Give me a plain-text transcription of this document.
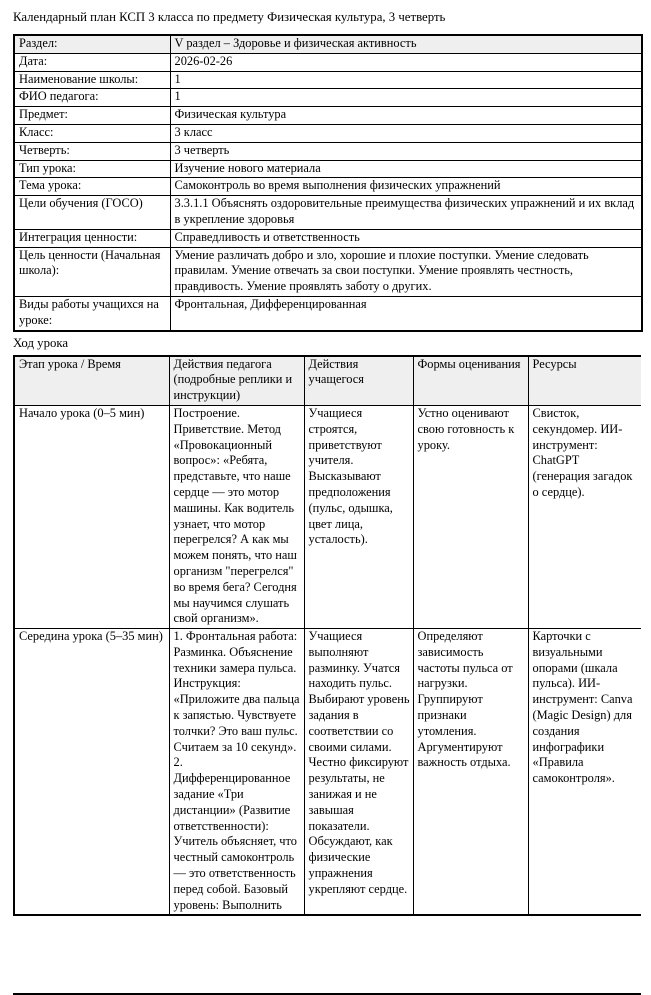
Календарный план КСП 3 класса по предмету Физическая культура, 3 четверть
Раздел:	V раздел – Здоровье и физическая активность
Дата:	2026-02-26
Наименование школы:	1
ФИО педагога:	1
Предмет:	Физическая культура
Класс:	3 класс
Четверть:	3 четверть
Тип урока:	Изучение нового материала
Тема урока:	Самоконтроль во время выполнения физических упражнений
Цели обучения (ГОСО)	3.3.1.1 Объяснять оздоровительные преимущества физических упражнений и их вклад в укрепление здоровья
Интеграция ценности:	Справедливость и ответственность
Цель ценности (Начальная школа):	Умение различать добро и зло, хорошие и плохие поступки. Умение следовать правилам. Умение отвечать за свои поступки. Умение проявлять честность, правдивость. Умение проявлять заботу о других.
Виды работы учащихся на уроке:	Фронтальная, Дифференцированная
Ход урока
Этап урока / Время	Действия педагога (подробные реплики и инструкции)	Действия учащегося	Формы оценивания	Ресурсы
Начало урока (0–5 мин)	Построение. Приветствие. Метод «Провокационный вопрос»: «Ребята, представьте, что наше сердце — это мотор машины. Как водитель узнает, что мотор перегрелся? А как мы можем понять, что наш организм "перегрелся" во время бега? Сегодня мы научимся слушать свой организм».	Учащиеся строятся, приветствуют учителя. Высказывают предположения (пульс, одышка, цвет лица, усталость).	Устно оценивают свою готовность к уроку.	Свисток, секундомер. ИИ-инструмент: ChatGPT (генерация загадок о сердце).
Середина урока (5–35 мин)	1. Фронтальная работа: Разминка. Объяснение техники замера пульса. Инструкция: «Приложите два пальца к запястью. Чувствуете толчки? Это ваш пульс. Считаем за 10 секунд». 2. Дифференцированное задание «Три дистанции» (Развитие ответственности): Учитель объясняет, что честный самоконтроль — это ответственность перед собой. Базовый уровень: Выполнить	Учащиеся выполняют разминку. Учатся находить пульс. Выбирают уровень задания в соответствии со своими силами. Честно фиксируют результаты, не занижая и не завышая показатели. Обсуждают, как физические упражнения укрепляют сердце.	Определяют зависимость частоты пульса от нагрузки. Группируют признаки утомления. Аргументируют важность отдыха.	Карточки с визуальными опорами (шкала пульса). ИИ-инструмент: Canva (Magic Design) для создания инфографики «Правила самоконтроля».
